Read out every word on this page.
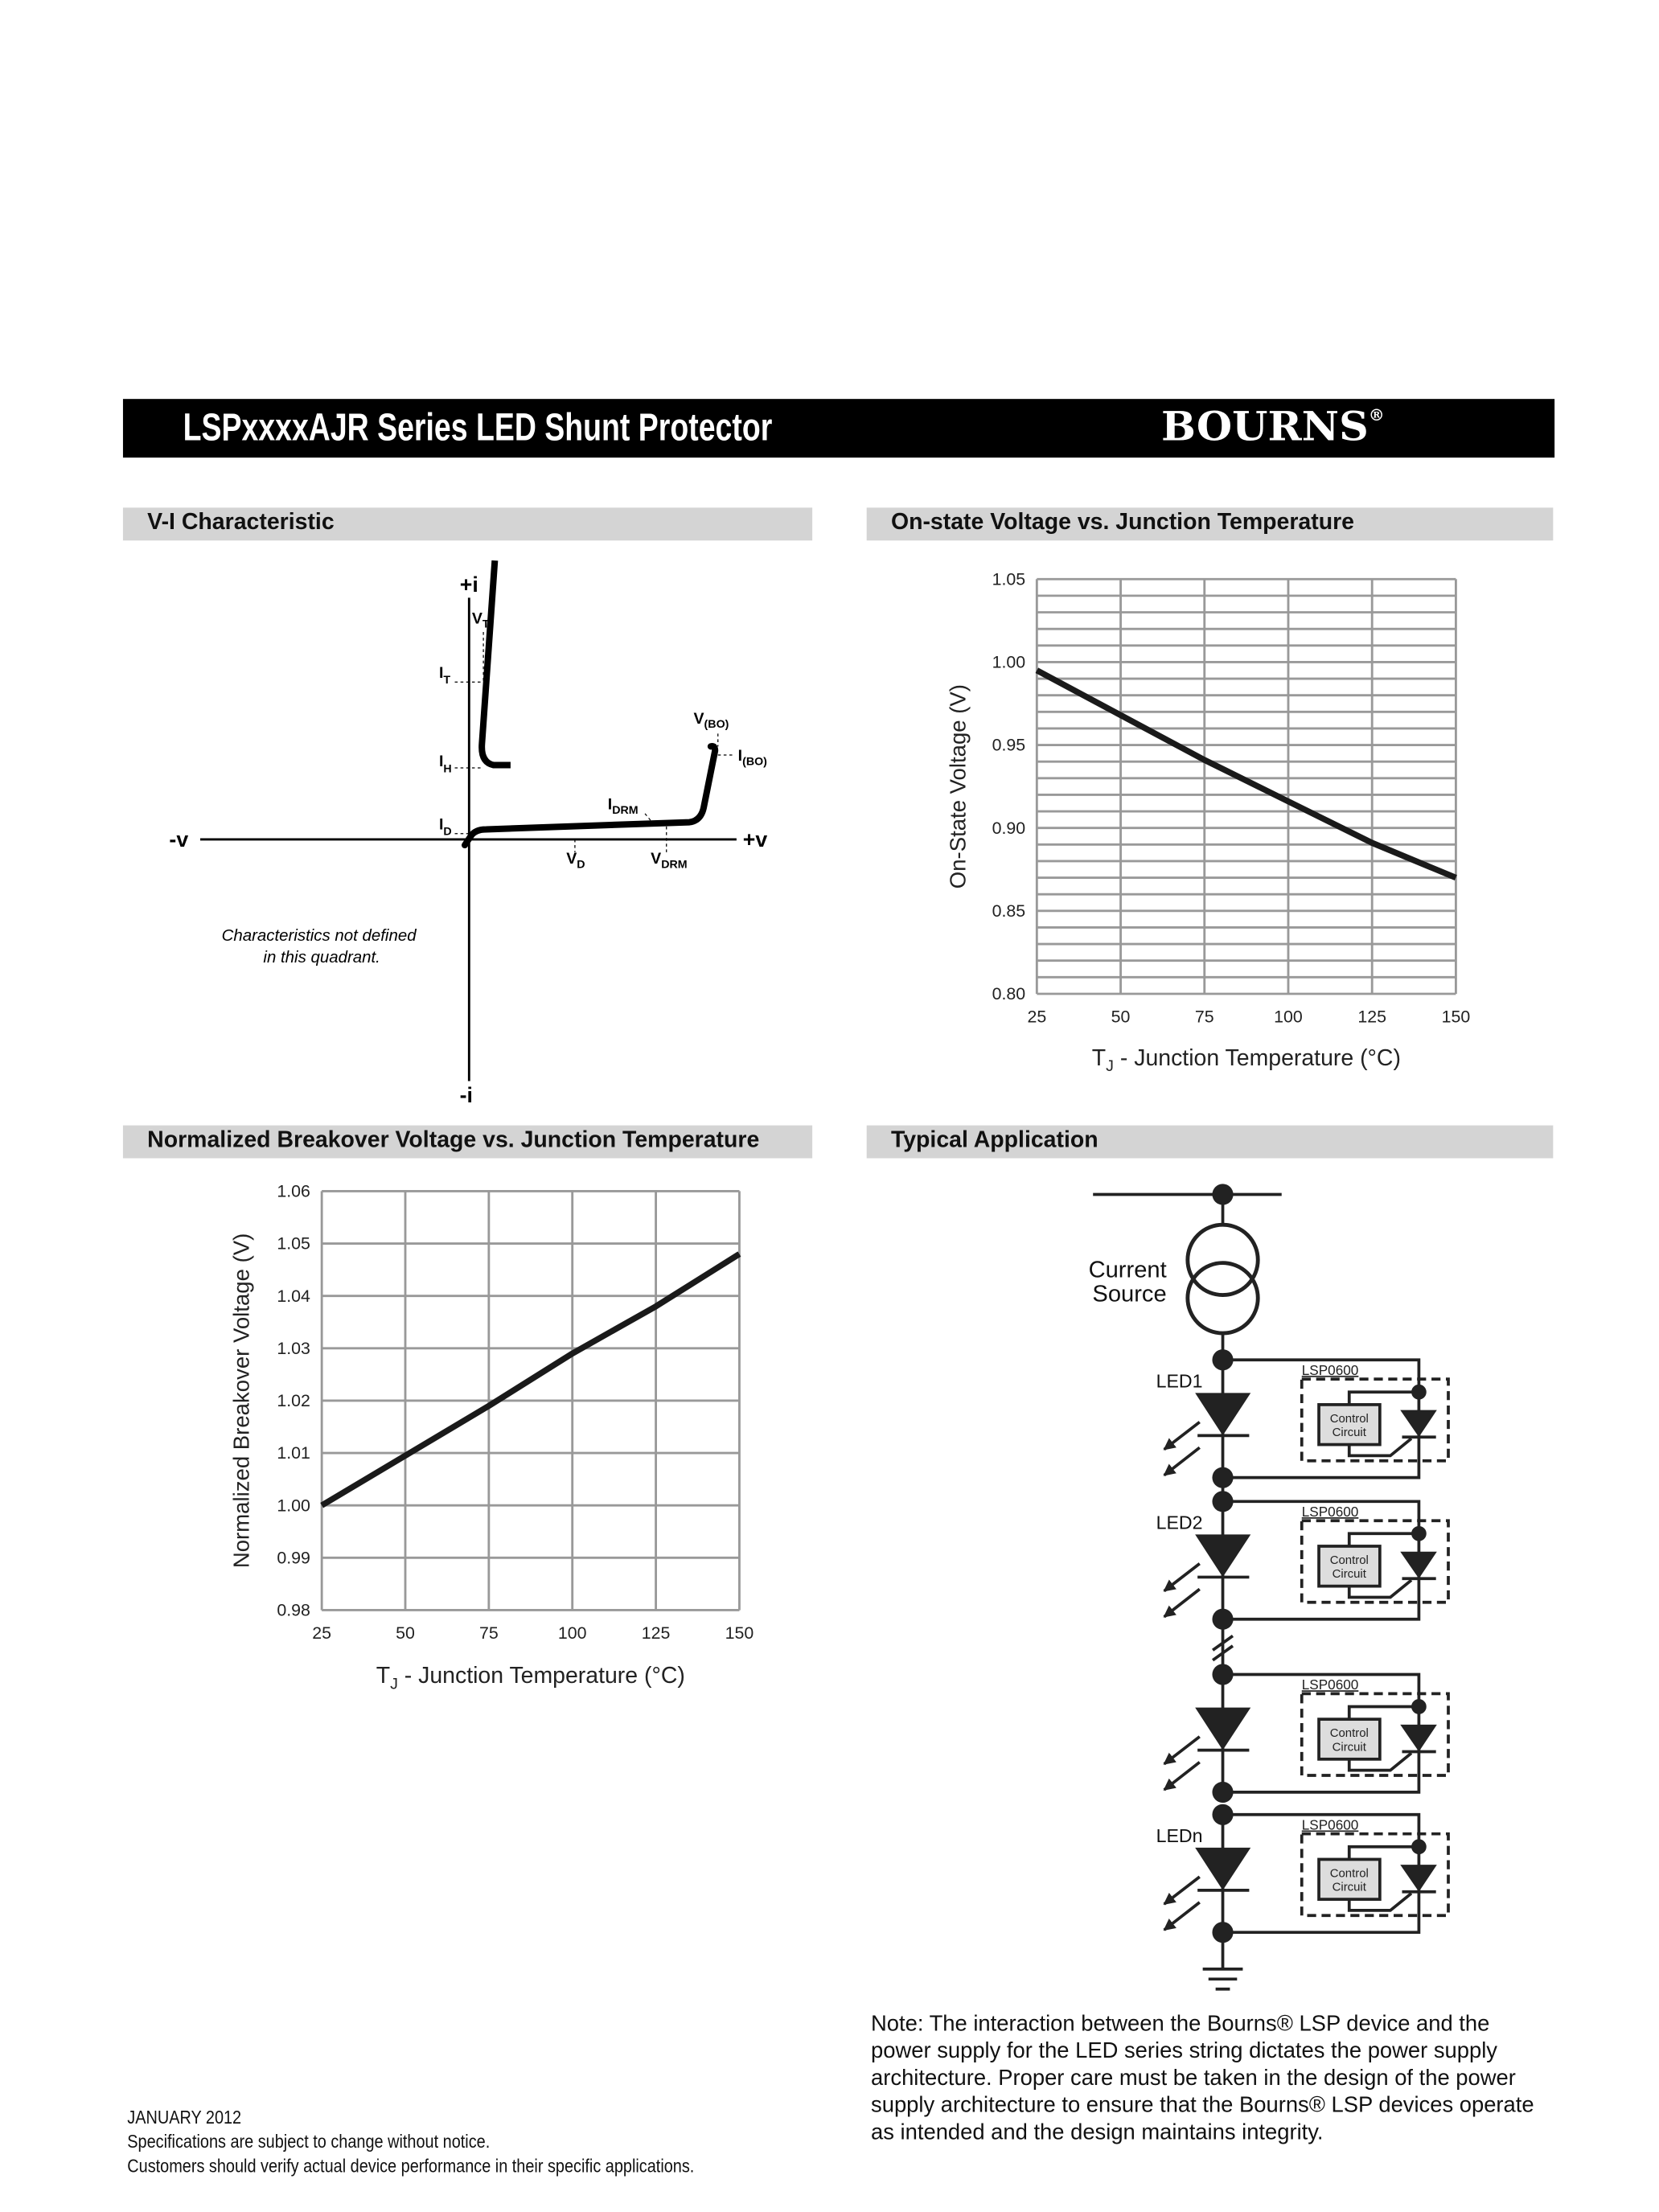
LSPxxxxAJR Series LED Shunt Protector	BOURNS®
V-I Characteristic	On-state Voltage vs. Junction Temperature
Normalized Breakover Voltage vs. Junction Temperature	Typical Application
+i
-i
-v	+v
$V_T$
$I_T$
$I_H$
$I_D$
$I_{DRM}$
$V_D$	$V_{DRM}$
$V_{(BO)}$
$I_{(BO)}$
Characteristics not defined
in this quadrant.
25	50	75	100	125	150
0.80
0.85
0.90
0.95
1.00
1.05
On-State Voltage (V)
$T_J$ - Junction Temperature (°C)
25	50	75	100	125	150
0.98
0.99
1.00
1.01
1.02
1.03
1.04
1.05
1.06
Normalized Breakover Voltage (V)
$T_J$ - Junction Temperature (°C)
Current
Source
LSP0600
Control
Circuit
LED1
LSP0600
Control
Circuit
LED2
LSP0600
Control
Circuit
LSP0600
Control
Circuit
LEDn
Note: The interaction between the Bourns® LSP device and the
power supply for the LED series string dictates the power supply
architecture. Proper care must be taken in the design of the power
supply architecture to ensure that the Bourns® LSP devices operate
as intended and the design maintains integrity.
JANUARY 2012
Specifications are subject to change without notice.
Customers should verify actual device performance in their specific applications.
